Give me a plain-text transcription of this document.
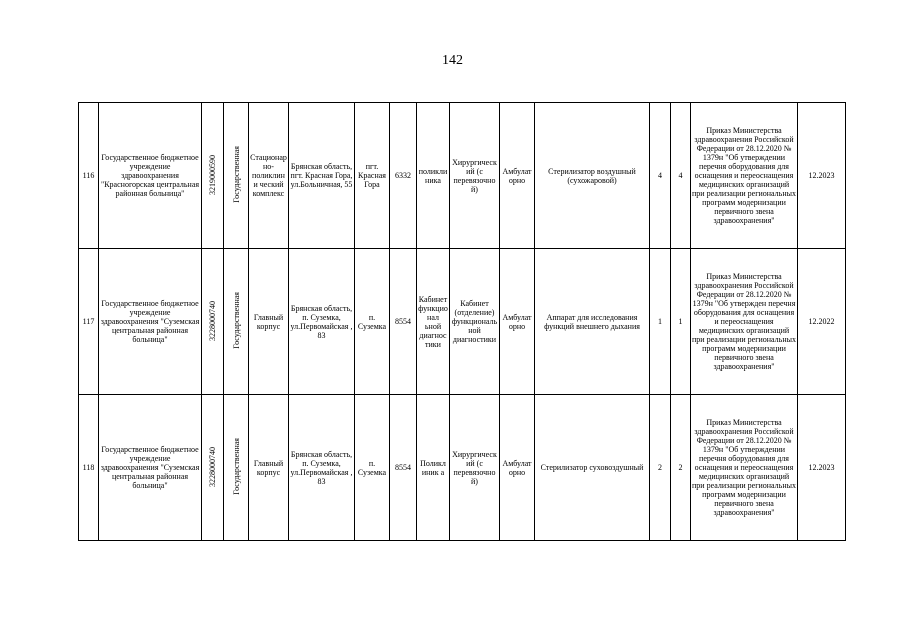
142
116	Государственное бюджетное учреждение здравоохранения "Красногорская центральная районная больница"	3219000590	Государственная	Стационар но-поликлини ческий комплекс	Брянская область, пгт. Красная Гора, ул.Больничная, 55	пгт. Красная Гора	6332	поликлиника	Хирургическ ий (с перевязочно й)	Амбулат орно	Стерилизатор воздушный (сухожаровой)	4	4	Приказ Министерства здравоохранения Российской Федерации от 28.12.2020 № 1379н "Об утверждении перечня оборудования для оснащения и переоснащения медицинских организаций при реализации региональных программ модернизации первичного звена здравоохранения"	12.2023
117	Государственное бюджетное учреждение здравоохранения "Суземская центральная районная больница"	3228000740	Государственная	Главный корпус	Брянская область, п. Суземка, ул.Первомайская , 83	п. Суземка	8554	Кабинет функционал ьной диагностики	Кабинет (отделение) функциональ ной диагностики	Амбулат орно	Аппарат для исследования функций внешнего дыхания	1	1	Приказ Министерства здравоохранения Российской Федерации от 28.12.2020 № 1379н "Об утвержден перечня оборудования для оснащения и переоснащения медицинских организаций при реализации региональных программ модернизации первичного звена здравоохранения"	12.2022
118	Государственное бюджетное учреждение здравоохранения "Суземская центральная районная больница"	3228000740	Государственная	Главный корпус	Брянская область, п. Суземка, ул.Первомайская , 83	п. Суземка	8554	Поликлиник а	Хирургическ ий (с перевязочно й)	Амбулат орно	Стерилизатор суховоздушный	2	2	Приказ Министерства здравоохранения Российской Федерации от 28.12.2020 № 1379н "Об утверждении перечня оборудования для оснащения и переоснащения медицинских организаций при реализации региональных программ модернизации первичного звена здравоохранения"	12.2023
